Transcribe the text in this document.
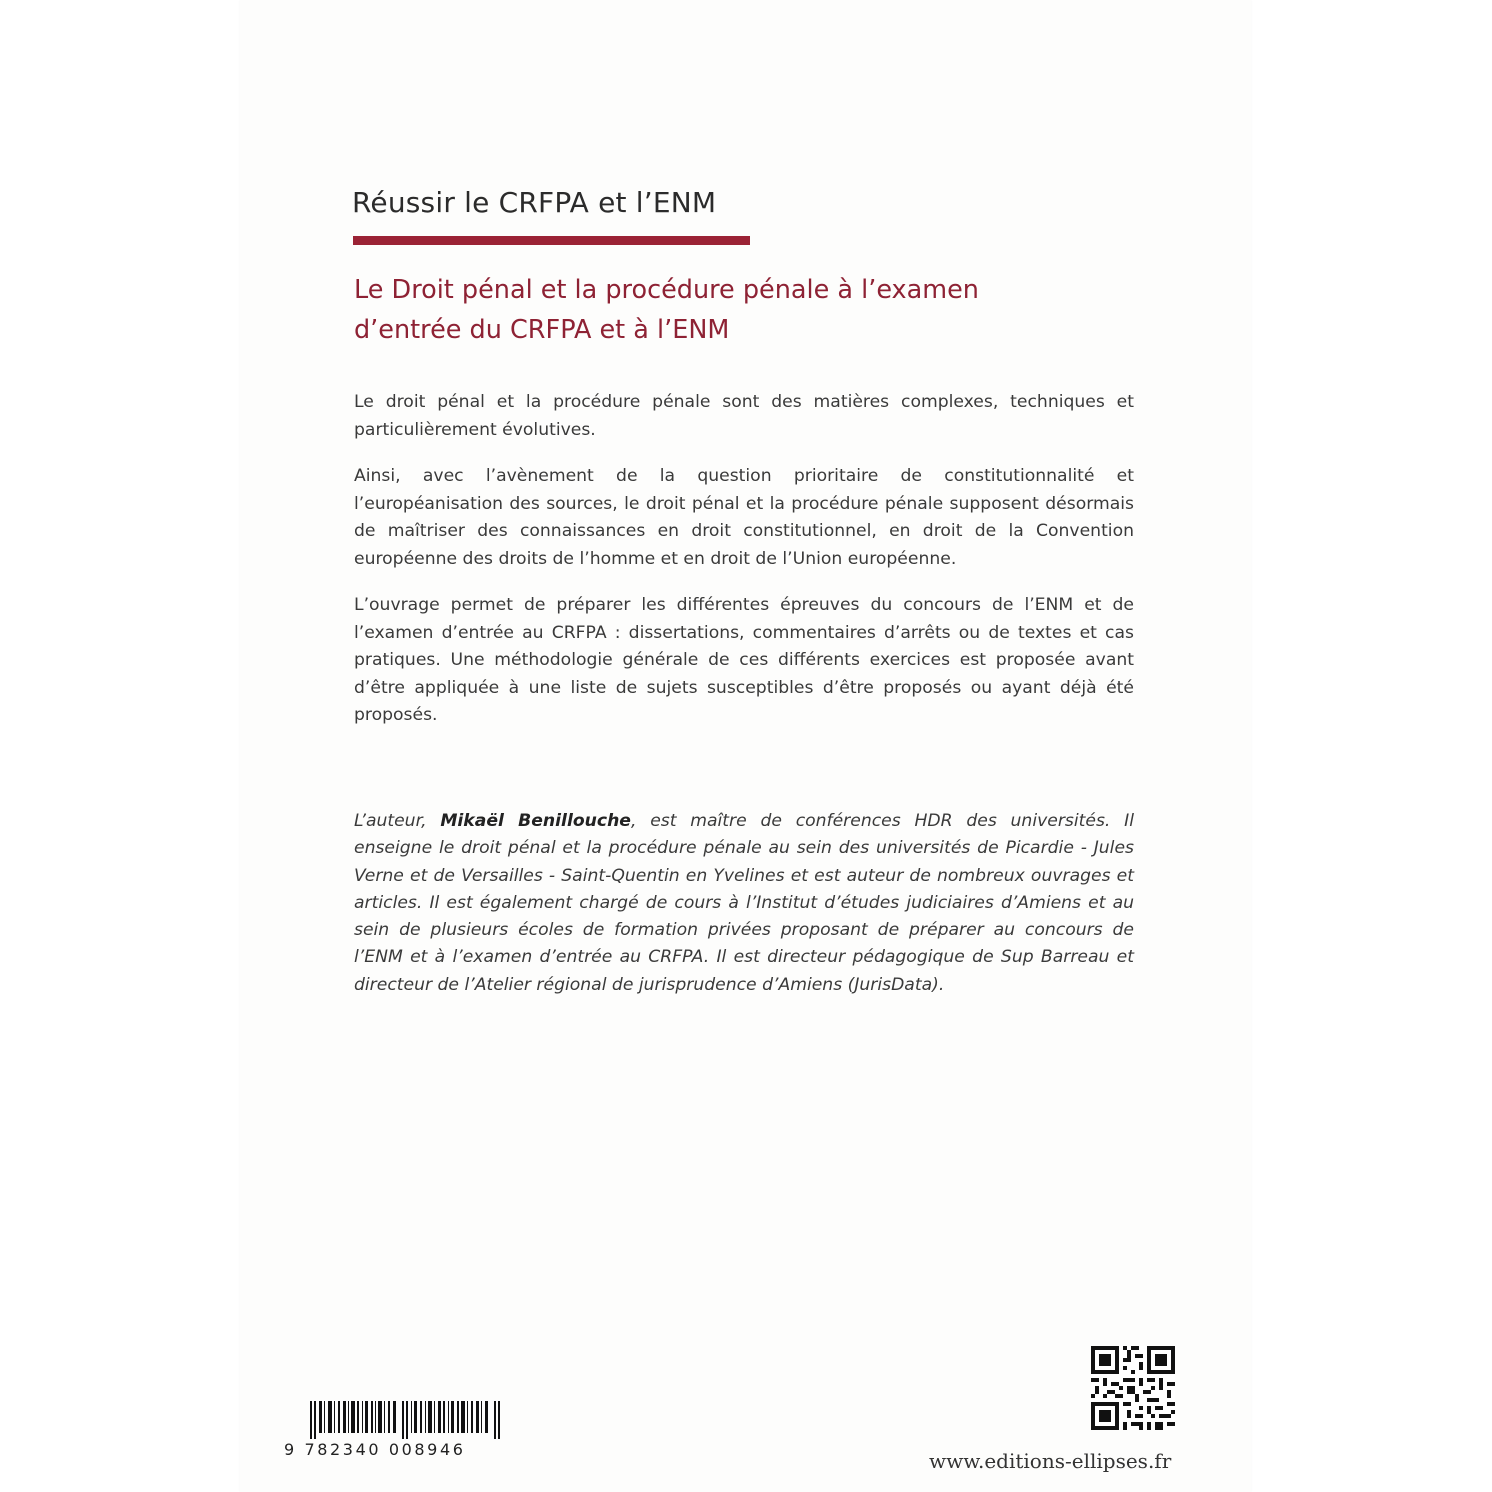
Réussir le CRFPA et l’ENM
Le Droit pénal et la procédure pénale à l’examen
d’entrée du CRFPA et à l’ENM

Le droit pénal et la procédure pénale sont des matières complexes, techniques et particulièrement évolutives.

Ainsi, avec l’avènement de la question prioritaire de constitutionnalité et l’européanisation des sources, le droit pénal et la procédure pénale supposent désormais de maîtriser des connaissances en droit constitutionnel, en droit de la Convention européenne des droits de l’homme et en droit de l’Union européenne.

L’ouvrage permet de préparer les différentes épreuves du concours de l’ENM et de l’examen d’entrée au CRFPA : dissertations, commentaires d’arrêts ou de textes et cas pratiques. Une méthodologie générale de ces différents exercices est proposée avant d’être appliquée à une liste de sujets susceptibles d’être proposés ou ayant déjà été proposés.

L’auteur, Mikaël Benillouche, est maître de conférences HDR des universités. Il enseigne le droit pénal et la procédure pénale au sein des universités de Picardie - Jules Verne et de Versailles - Saint-Quentin en Yvelines et est auteur de nombreux ouvrages et articles. Il est également chargé de cours à l’Institut d’études judiciaires d’Amiens et au sein de plusieurs écoles de formation privées proposant de préparer au concours de l’ENM et à l’examen d’entrée au CRFPA. Il est directeur pédagogique de Sup Barreau et directeur de l’Atelier régional de jurisprudence d’Amiens (JurisData).

9 782340 008946	www.editions-ellipses.fr
